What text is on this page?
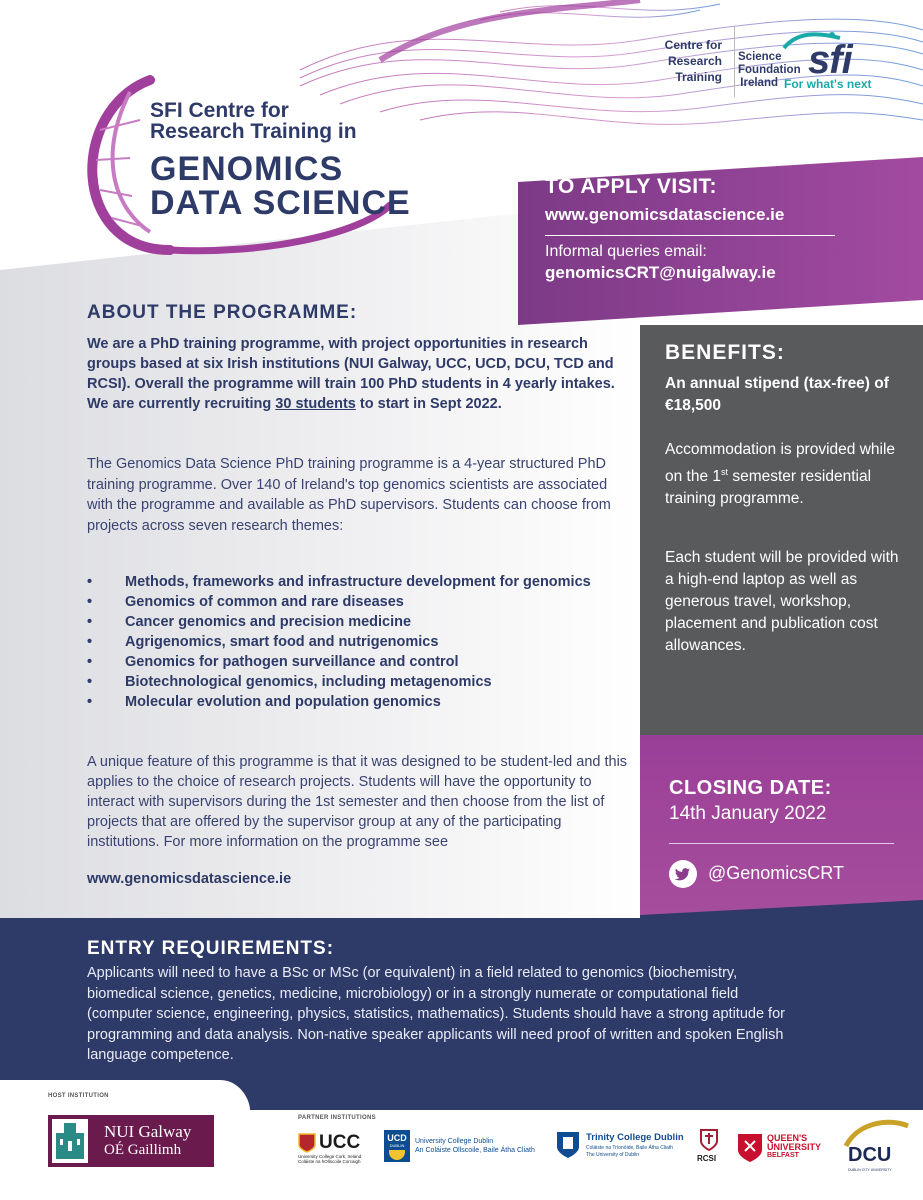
SFI Centre for
Research Training in
GENOMICS
DATA SCIENCE
Centre for
Research
Training
Science
Foundation
Ireland
sfi
For what's next
TO APPLY VISIT:
www.genomicsdatascience.ie
Informal queries email:
genomicsCRT@nuigalway.ie
ABOUT THE PROGRAMME:
We are a PhD training programme, with project opportunities in research groups based at six Irish institutions (NUI Galway, UCC, UCD, DCU, TCD and RCSI). Overall the programme will train 100 PhD students in 4 yearly intakes. We are currently recruiting 30 students to start in Sept 2022.
The Genomics Data Science PhD training programme is a 4-year structured PhD training programme. Over 140 of Ireland's top genomics scientists are associated with the programme and available as PhD supervisors. Students can choose from projects across seven research themes:
• Methods, frameworks and infrastructure development for genomics
• Genomics of common and rare diseases
• Cancer genomics and precision medicine
• Agrigenomics, smart food and nutrigenomics
• Genomics for pathogen surveillance and control
• Biotechnological genomics, including metagenomics
• Molecular evolution and population genomics
A unique feature of this programme is that it was designed to be student-led and this applies to the choice of research projects. Students will have the opportunity to interact with supervisors during the 1st semester and then choose from the list of projects that are offered by the supervisor group at any of the participating institutions. For more information on the programme see
www.genomicsdatascience.ie
BENEFITS:
An annual stipend (tax-free) of €18,500
Accommodation is provided while on the 1st semester residential training programme.
Each student will be provided with a high-end laptop as well as generous travel, workshop, placement and publication cost allowances.
CLOSING DATE:
14th January 2022
@GenomicsCRT
ENTRY REQUIREMENTS:
Applicants will need to have a BSc or MSc (or equivalent) in a field related to genomics (biochemistry, biomedical science, genetics, medicine, microbiology) or in a strongly numerate or computational field (computer science, engineering, physics, statistics, mathematics). Students should have a strong aptitude for programming and data analysis. Non-native speaker applicants will need proof of written and spoken English language competence.
HOST INSTITUTION
NUI Galway
OÉ Gaillimh
PARTNER INSTITUTIONS
UCC
University College Cork, Ireland
Coláiste na hOllscoile Corcaigh
UCD
DUBLIN
University College Dublin
An Coláiste Ollscoile, Baile Átha Cliath
Trinity College Dublin
Coláiste na Tríonóide, Baile Átha Cliath
The University of Dublin	RCSI
QUEEN'S
UNIVERSITY
BELFAST DCU
DUBLIN CITY UNIVERSITY
